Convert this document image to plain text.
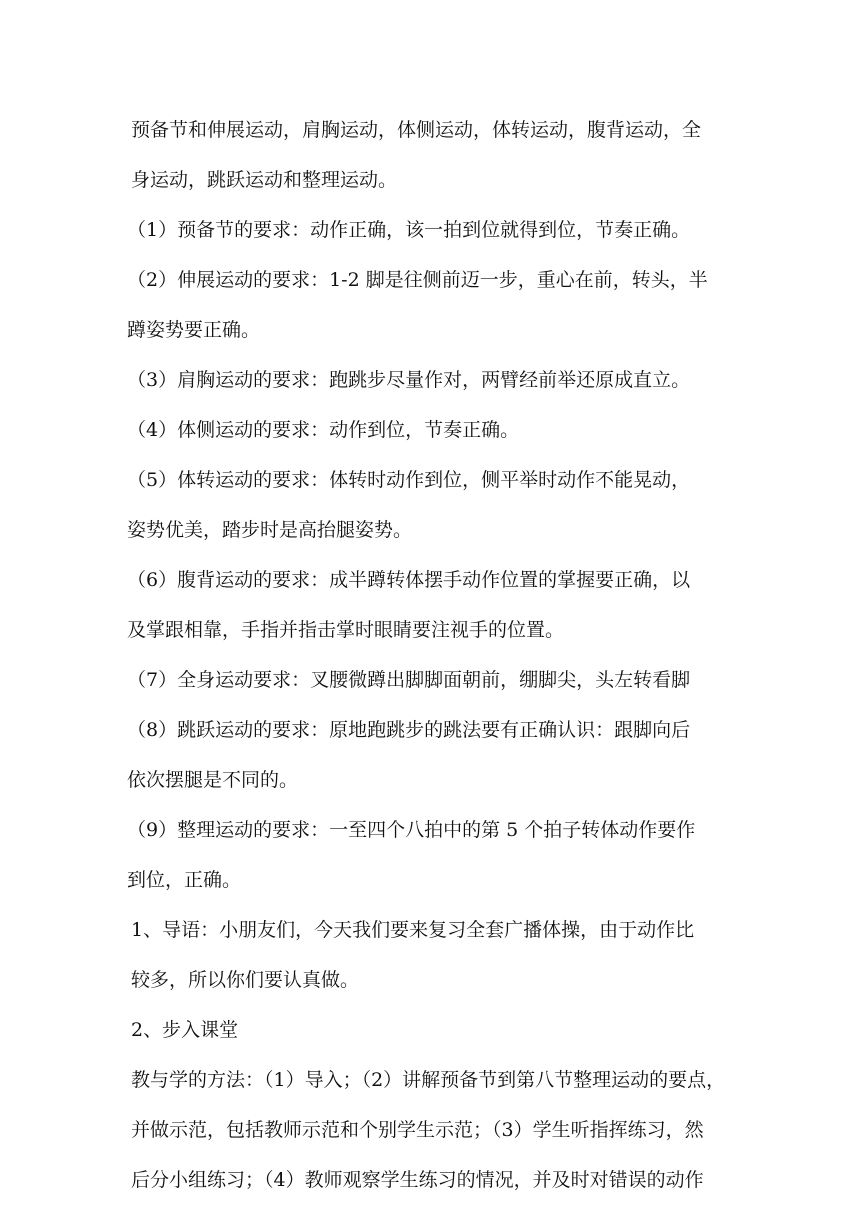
预备节和伸展运动，肩胸运动，体侧运动，体转运动，腹背运动，全
身运动，跳跃运动和整理运动。

（1）预备节的要求：动作正确，该一拍到位就得到位，节奏正确。

（2）伸展运动的要求：1-2 脚是往侧前迈一步，重心在前，转头，半
蹲姿势要正确。

（3）肩胸运动的要求：跑跳步尽量作对，两臂经前举还原成直立。

（4）体侧运动的要求：动作到位，节奏正确。

（5）体转运动的要求：体转时动作到位，侧平举时动作不能晃动，
姿势优美，踏步时是高抬腿姿势。

（6）腹背运动的要求：成半蹲转体摆手动作位置的掌握要正确，以
及掌跟相靠，手指并指击掌时眼睛要注视手的位置。

（7）全身运动要求：叉腰微蹲出脚脚面朝前，绷脚尖，头左转看脚

（8）跳跃运动的要求：原地跑跳步的跳法要有正确认识：跟脚向后
依次摆腿是不同的。

（9）整理运动的要求：一至四个八拍中的第 5 个拍子转体动作要作
到位，正确。

1、导语：小朋友们，今天我们要来复习全套广播体操，由于动作比
较多，所以你们要认真做。

2、步入课堂

教与学的方法：（1）导入；（2）讲解预备节到第八节整理运动的要点，
并做示范，包括教师示范和个别学生示范；（3）学生听指挥练习，然
后分小组练习；（4）教师观察学生练习的情况，并及时对错误的动作
